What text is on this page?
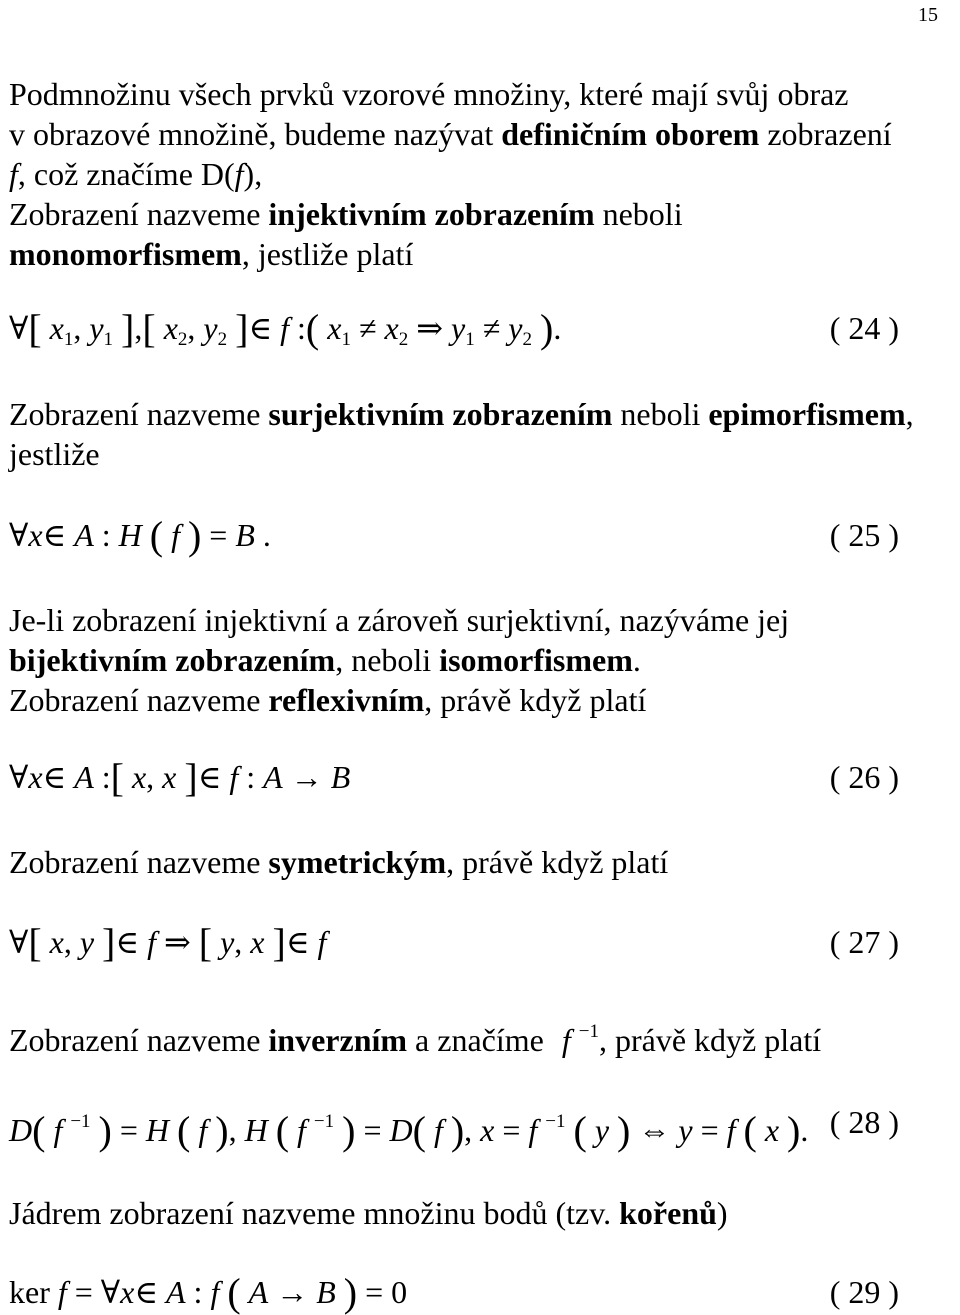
15
Podmnožinu všech prvků vzorové množiny, které mají svůj obraz
v obrazové množině, budeme nazývat definičním oborem zobrazení
f, což značíme D(f),
Zobrazení nazveme injektivním zobrazením neboli
monomorfismem, jestliže platí
∀[ $x_1$, $y_1$ ],[ $x_2$, $y_2$ ]∈ f :( $x_1 \ne x_2$ ⇒ $y_1 \ne y_2$ ).	( 24 )
Zobrazení nazveme surjektivním zobrazením neboli epimorfismem,
jestliže
∀x∈ A : H ( f ) = B .	( 25 )
Je-li zobrazení injektivní a zároveň surjektivní, nazýváme jej
bijektivním zobrazením, neboli isomorfismem.
Zobrazení nazveme reflexivním, právě když platí
∀x∈ A :[ x, x ]∈ f : A → B	( 26 )
Zobrazení nazveme symetrickým, právě když platí
∀[ x, y ]∈ f ⇒ [ y, x ]∈ f	( 27 )
Zobrazení nazveme inverzním a značíme f $^{-1}$, právě když platí
D( f $^{-1}$ ) = H ( f ), H ( f $^{-1}$ ) = D( f ), x = f $^{-1}$ ( y ) ⇔ y = f ( x ). ( 28 )
Jádrem zobrazení nazveme množinu bodů (tzv. kořenů)
ker f = ∀x∈ A : f ( A → B ) = 0	( 29 )
